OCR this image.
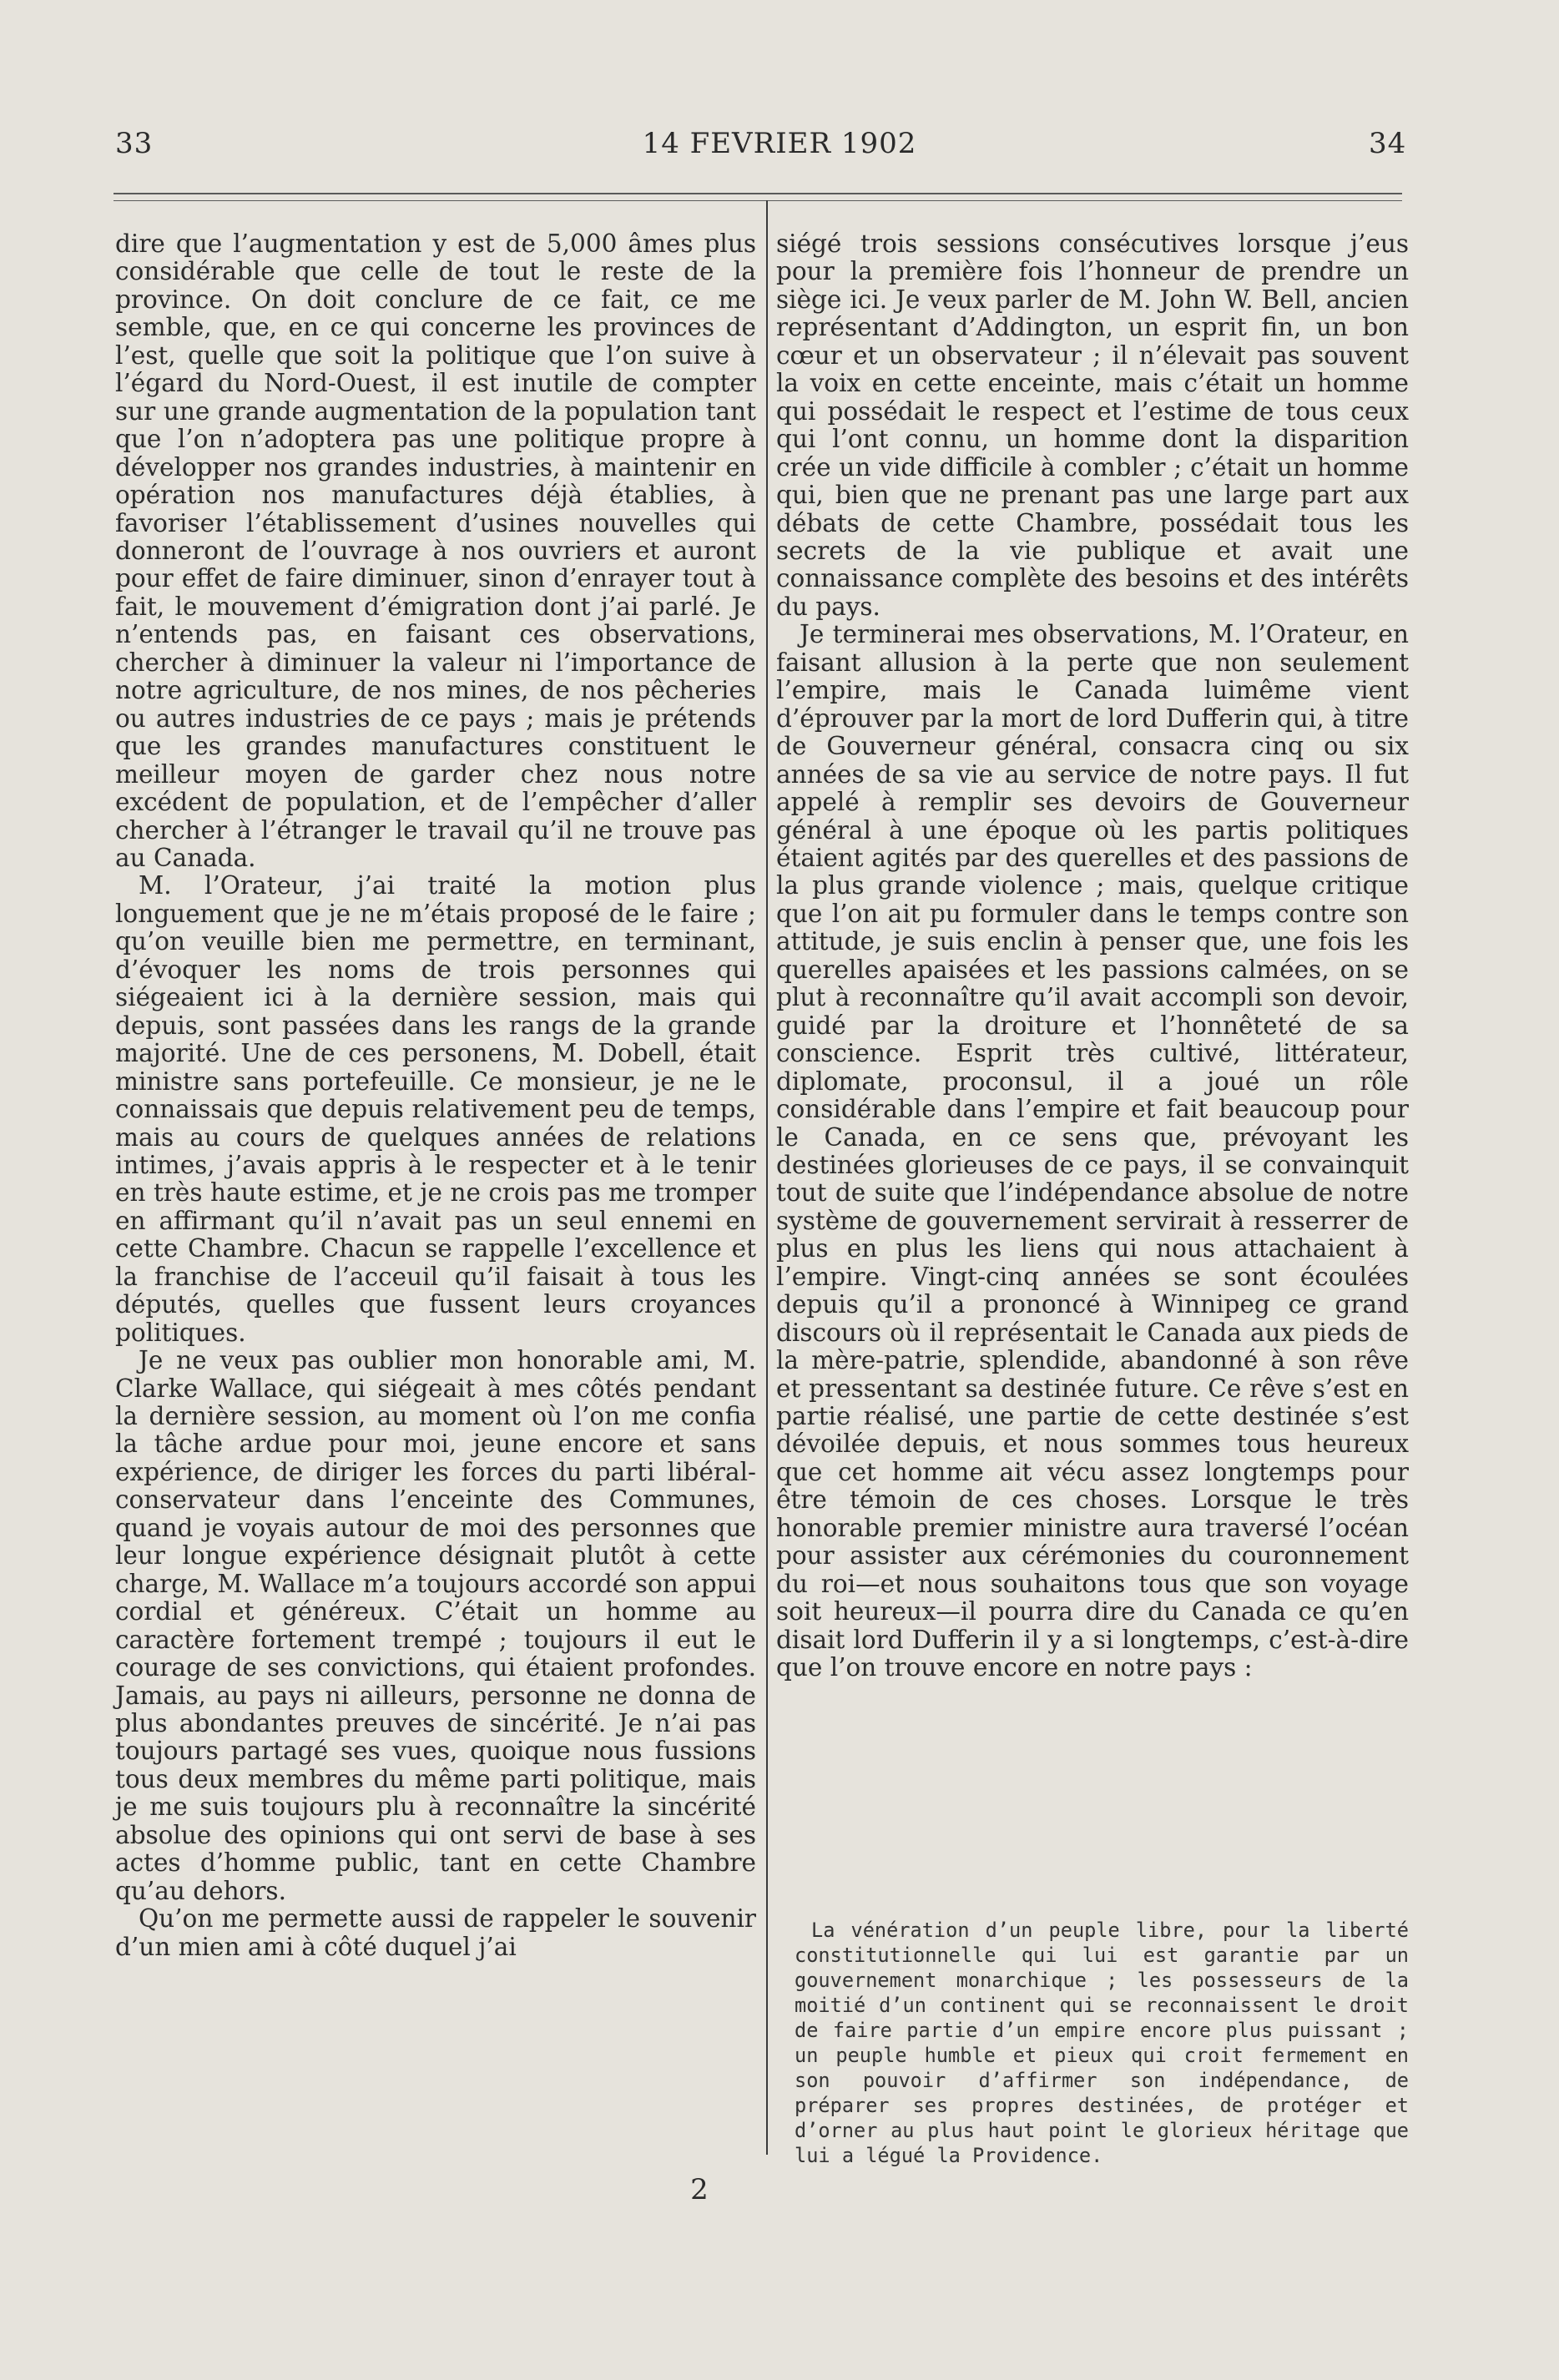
33	14 FEVRIER 1902	34

dire que l’augmentation y est de 5,000 âmes plus considérable que celle de tout le reste de la province. On doit conclure de ce fait, ce me semble, que, en ce qui concerne les provinces de l’est, quelle que soit la politique que l’on suive à l’égard du Nord-Ouest, il est inutile de compter sur une grande augmentation de la population tant que l’on n’adoptera pas une politique propre à développer nos grandes industries, à maintenir en opération nos manufactures déjà établies, à favoriser l’établissement d’usines nouvelles qui donneront de l’ouvrage à nos ouvriers et auront pour effet de faire diminuer, sinon d’enrayer tout à fait, le mouvement d’émigration dont j’ai parlé. Je n’entends pas, en faisant ces observations, chercher à diminuer la valeur ni l’importance de notre agriculture, de nos mines, de nos pêcheries ou autres industries de ce pays ; mais je prétends que les grandes manufactures constituent le meilleur moyen de garder chez nous notre excédent de population, et de l’empêcher d’aller chercher à l’étranger le travail qu’il ne trouve pas au Canada.

M. l’Orateur, j’ai traité la motion plus longuement que je ne m’étais proposé de le faire ; qu’on veuille bien me permettre, en terminant, d’évoquer les noms de trois personnes qui siégeaient ici à la dernière session, mais qui depuis, sont passées dans les rangs de la grande majorité. Une de ces personens, M. Dobell, était ministre sans portefeuille. Ce monsieur, je ne le connaissais que depuis relativement peu de temps, mais au cours de quelques années de relations intimes, j’avais appris à le respecter et à le tenir en très haute estime, et je ne crois pas me tromper en affirmant qu’il n’avait pas un seul ennemi en cette Chambre. Chacun se rappelle l’excellence et la franchise de l’acceuil qu’il faisait à tous les députés, quelles que fussent leurs croyances politiques.

Je ne veux pas oublier mon honorable ami, M. Clarke Wallace, qui siégeait à mes côtés pendant la dernière session, au moment où l’on me confia la tâche ardue pour moi, jeune encore et sans expérience, de diriger les forces du parti libéral-conservateur dans l’enceinte des Communes, quand je voyais autour de moi des personnes que leur longue expérience désignait plutôt à cette charge, M. Wallace m’a toujours accordé son appui cordial et généreux. C’était un homme au caractère fortement trempé ; toujours il eut le courage de ses convictions, qui étaient profondes. Jamais, au pays ni ailleurs, personne ne donna de plus abondantes preuves de sincérité. Je n’ai pas toujours partagé ses vues, quoique nous fussions tous deux membres du même parti politique, mais je me suis toujours plu à reconnaître la sincérité absolue des opinions qui ont servi de base à ses actes d’homme public, tant en cette Chambre qu’au dehors.

Qu’on me permette aussi de rappeler le souvenir d’un mien ami à côté duquel j’ai

siégé trois sessions consécutives lorsque j’eus pour la première fois l’honneur de prendre un siège ici. Je veux parler de M. John W. Bell, ancien représentant d’Addington, un esprit fin, un bon cœur et un observateur ; il n’élevait pas souvent la voix en cette enceinte, mais c’était un homme qui possédait le respect et l’estime de tous ceux qui l’ont connu, un homme dont la disparition crée un vide difficile à combler ; c’était un homme qui, bien que ne prenant pas une large part aux débats de cette Chambre, possédait tous les secrets de la vie publique et avait une connaissance complète des besoins et des intérêts du pays.

Je terminerai mes observations, M. l’Orateur, en faisant allusion à la perte que non seulement l’empire, mais le Canada luimême vient d’éprouver par la mort de lord Dufferin qui, à titre de Gouverneur général, consacra cinq ou six années de sa vie au service de notre pays. Il fut appelé à remplir ses devoirs de Gouverneur général à une époque où les partis politiques étaient agités par des querelles et des passions de la plus grande violence ; mais, quelque critique que l’on ait pu formuler dans le temps contre son attitude, je suis enclin à penser que, une fois les querelles apaisées et les passions calmées, on se plut à reconnaître qu’il avait accompli son devoir, guidé par la droiture et l’honnêteté de sa conscience. Esprit très cultivé, littérateur, diplomate, proconsul, il a joué un rôle considérable dans l’empire et fait beaucoup pour le Canada, en ce sens que, prévoyant les destinées glorieuses de ce pays, il se convainquit tout de suite que l’indépendance absolue de notre système de gouvernement servirait à resserrer de plus en plus les liens qui nous attachaient à l’empire. Vingt-cinq années se sont écoulées depuis qu’il a prononcé à Winnipeg ce grand discours où il représentait le Canada aux pieds de la mère-patrie, splendide, abandonné à son rêve et pressentant sa destinée future. Ce rêve s’est en partie réalisé, une partie de cette destinée s’est dévoilée depuis, et nous sommes tous heureux que cet homme ait vécu assez longtemps pour être témoin de ces choses. Lorsque le très honorable premier ministre aura traversé l’océan pour assister aux cérémonies du couronnement du roi—et nous souhaitons tous que son voyage soit heureux—il pourra dire du Canada ce qu’en disait lord Dufferin il y a si longtemps, c’est-à-dire que l’on trouve encore en notre pays :

La vénération d’un peuple libre, pour la liberté constitutionnelle qui lui est garantie par un gouvernement monarchique ; les possesseurs de la moitié d’un continent qui se reconnaissent le droit de faire partie d’un empire encore plus puissant ; un peuple humble et pieux qui croit fermement en son pouvoir d’affirmer son indépendance, de préparer ses propres destinées, de protéger et d’orner au plus haut point le glorieux héritage que lui a légué la Providence.

2
